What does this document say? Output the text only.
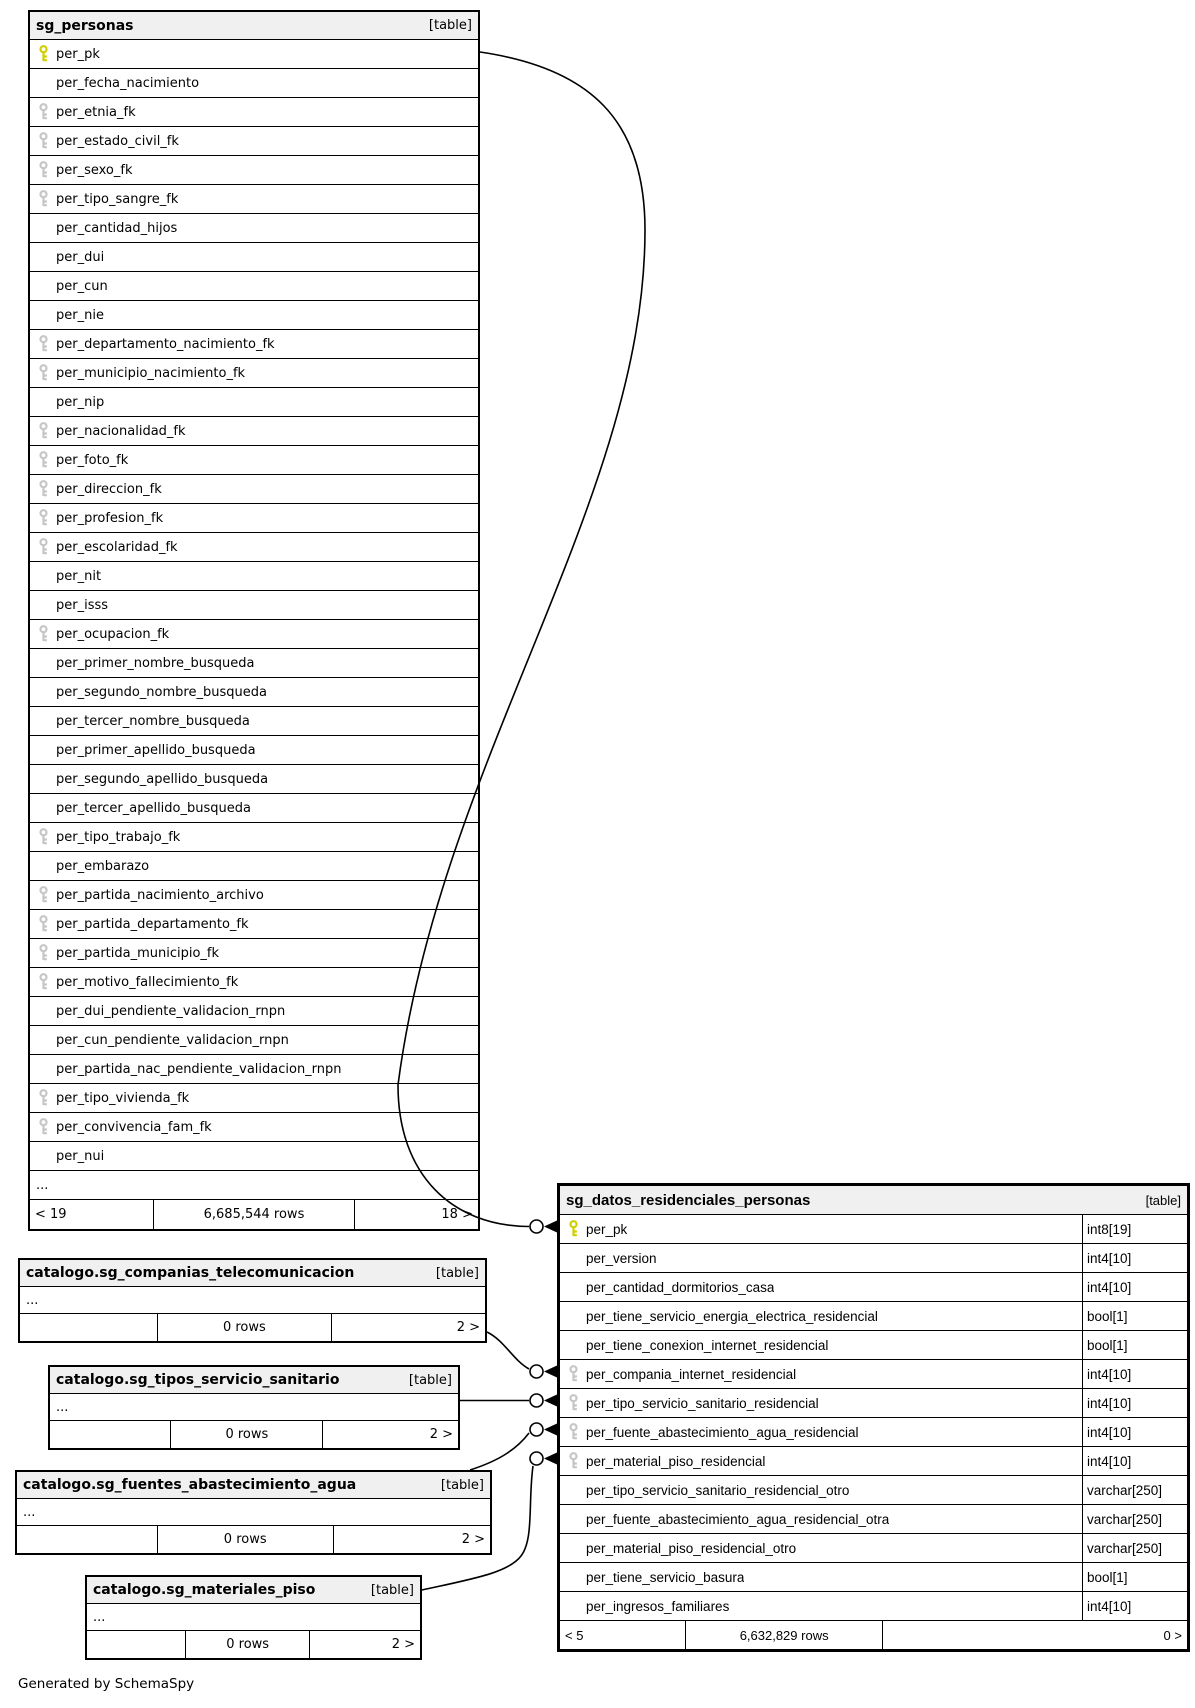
sg_personas	[table]
per_pk
per_fecha_nacimiento
per_etnia_fk
per_estado_civil_fk
per_sexo_fk
per_tipo_sangre_fk
per_cantidad_hijos
per_dui
per_cun
per_nie
per_departamento_nacimiento_fk
per_municipio_nacimiento_fk
per_nip
per_nacionalidad_fk
per_foto_fk
per_direccion_fk
per_profesion_fk
per_escolaridad_fk
per_nit
per_isss
per_ocupacion_fk
per_primer_nombre_busqueda
per_segundo_nombre_busqueda
per_tercer_nombre_busqueda
per_primer_apellido_busqueda
per_segundo_apellido_busqueda
per_tercer_apellido_busqueda
per_tipo_trabajo_fk
per_embarazo
per_partida_nacimiento_archivo
per_partida_departamento_fk
per_partida_municipio_fk
per_motivo_fallecimiento_fk
per_dui_pendiente_validacion_rnpn
per_cun_pendiente_validacion_rnpn
per_partida_nac_pendiente_validacion_rnpn
per_tipo_vivienda_fk
per_convivencia_fam_fk
per_nui
...
< 19	6,685,544 rows	18 >
sg_datos_residenciales_personas	[table]
per_pk	int8[19]
per_version	int4[10]
per_cantidad_dormitorios_casa	int4[10]
per_tiene_servicio_energia_electrica_residencial	bool[1]
per_tiene_conexion_internet_residencial	bool[1]
per_compania_internet_residencial	int4[10]
per_tipo_servicio_sanitario_residencial	int4[10]
per_fuente_abastecimiento_agua_residencial	int4[10]
per_material_piso_residencial	int4[10]
per_tipo_servicio_sanitario_residencial_otro	varchar[250]
per_fuente_abastecimiento_agua_residencial_otra	varchar[250]
per_material_piso_residencial_otro	varchar[250]
per_tiene_servicio_basura	bool[1]
per_ingresos_familiares	int4[10]
< 5	6,632,829 rows	0 >
catalogo.sg_companias_telecomunicacion	[table]
...
0 rows	2 >
catalogo.sg_tipos_servicio_sanitario	[table]
...
0 rows	2 >
catalogo.sg_fuentes_abastecimiento_agua	[table]
...
0 rows	2 >
catalogo.sg_materiales_piso	[table]
...
0 rows	2 >
Generated by SchemaSpy
